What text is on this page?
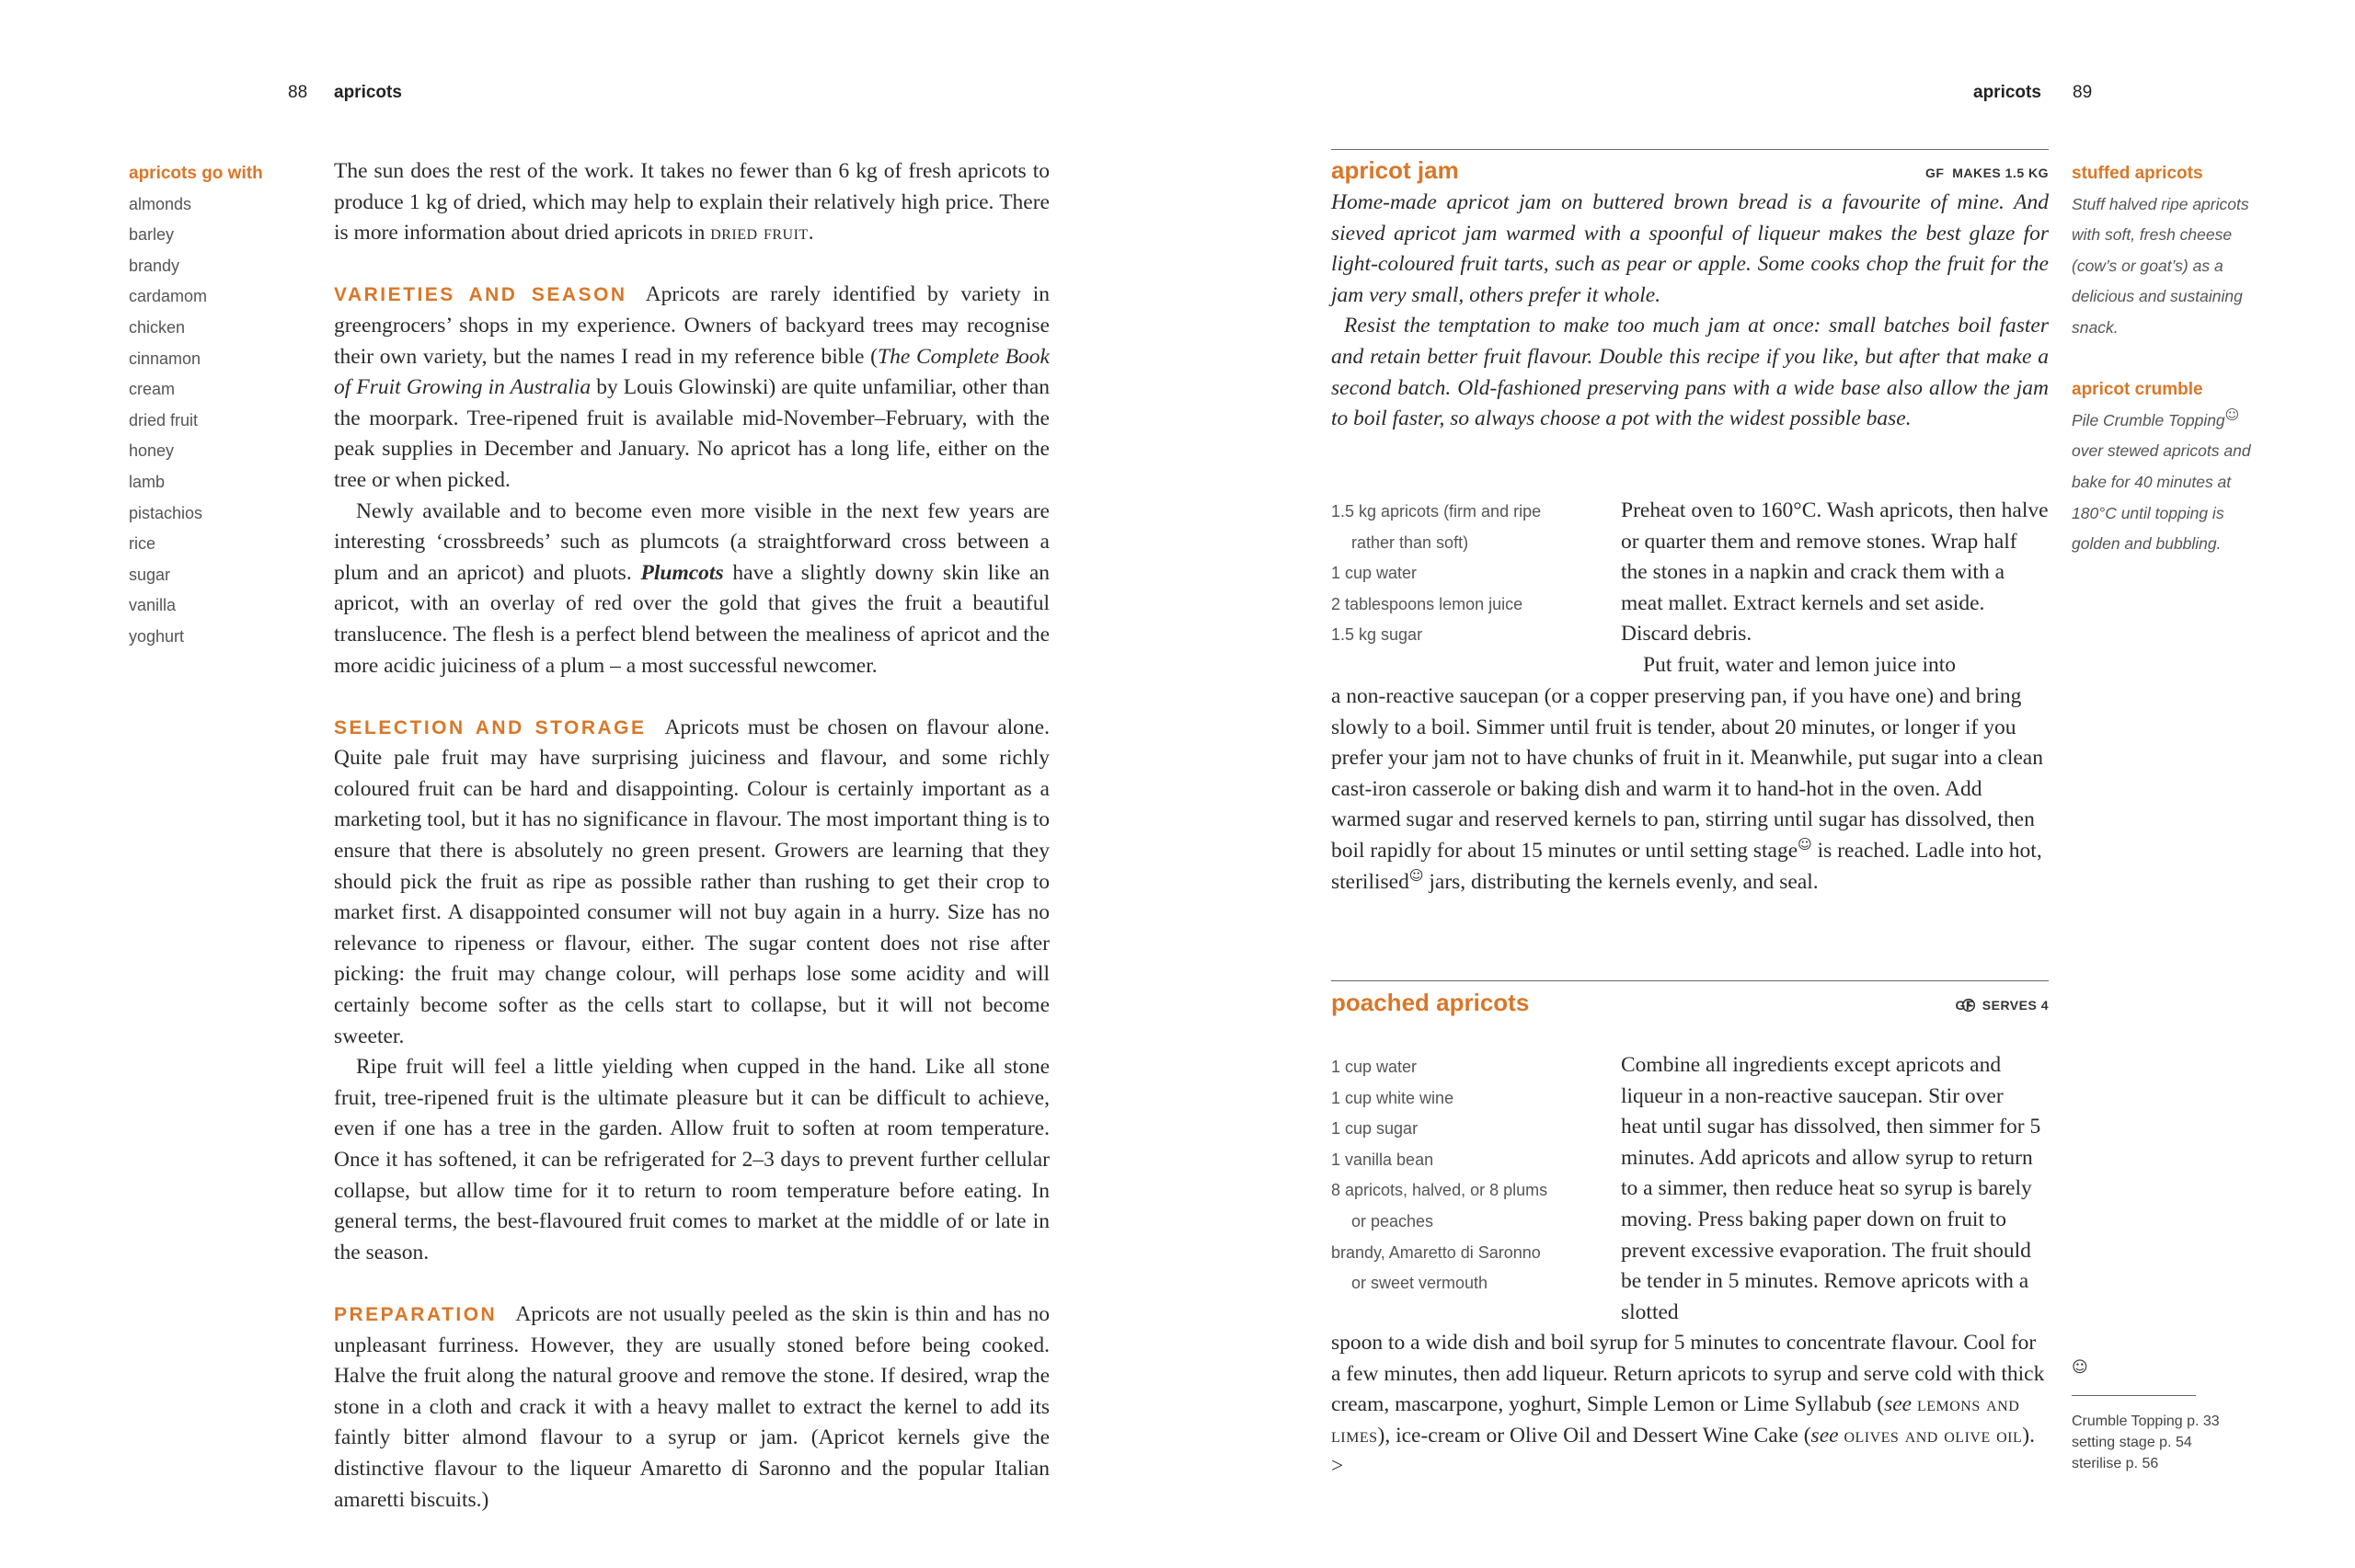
88 apricots
apricots go with
almonds
barley
brandy
cardamom
chicken
cinnamon
cream
dried fruit
honey
lamb
pistachios
rice
sugar
vanilla
yoghurt

The sun does the rest of the work. It takes no fewer than 6 kg of fresh apricots to produce 1 kg of dried, which may help to explain their relatively high price. There is more information about dried apricots in dried fruit.

VARIETIES AND SEASON Apricots are rarely identified by variety in greengrocers’ shops in my experience. Owners of backyard trees may recognise their own variety, but the names I read in my reference bible (The Complete Book of Fruit Growing in Australia by Louis Glowinski) are quite unfamiliar, other than the moorpark. Tree-ripened fruit is available mid-November–February, with the peak supplies in December and January. No apricot has a long life, either on the tree or when picked.

Newly available and to become even more visible in the next few years are interesting ‘crossbreeds’ such as plumcots (a straightforward cross between a plum and an apricot) and pluots. Plumcots have a slightly downy skin like an apricot, with an overlay of red over the gold that gives the fruit a beautiful translucence. The flesh is a perfect blend between the mealiness of apricot and the more acidic juiciness of a plum – a most successful newcomer.

SELECTION AND STORAGE Apricots must be chosen on flavour alone. Quite pale fruit may have surprising juiciness and flavour, and some richly coloured fruit can be hard and disappointing. Colour is certainly important as a marketing tool, but it has no significance in flavour. The most important thing is to ensure that there is absolutely no green present. Growers are learning that they should pick the fruit as ripe as possible rather than rushing to get their crop to market first. A disappointed consumer will not buy again in a hurry. Size has no relevance to ripeness or flavour, either. The sugar content does not rise after picking: the fruit may change colour, will perhaps lose some acidity and will certainly become softer as the cells start to collapse, but it will not become sweeter.

Ripe fruit will feel a little yielding when cupped in the hand. Like all stone fruit, tree-ripened fruit is the ultimate pleasure but it can be difficult to achieve, even if one has a tree in the garden. Allow fruit to soften at room temperature. Once it has softened, it can be refrigerated for 2–3 days to prevent further cellular collapse, but allow time for it to return to room temperature before eating. In general terms, the best-flavoured fruit comes to market at the middle of or late in the season.

PREPARATION Apricots are not usually peeled as the skin is thin and has no unpleasant furriness. However, they are usually stoned before being cooked. Halve the fruit along the natural groove and remove the stone. If desired, wrap the stone in a cloth and crack it with a heavy mallet to extract the kernel to add its faintly bitter almond flavour to a syrup or jam. (Apricot kernels give the distinctive flavour to the liqueur Amaretto di Saronno and the popular Italian amaretti biscuits.)

apricots 89
apricot jam	GF  MAKES 1.5 KG

Home-made apricot jam on buttered brown bread is a favourite of mine. And sieved apricot jam warmed with a spoonful of liqueur makes the best glaze for light-coloured fruit tarts, such as pear or apple. Some cooks chop the fruit for the jam very small, others prefer it whole.

Resist the temptation to make too much jam at once: small batches boil faster and retain better fruit flavour. Double this recipe if you like, but after that make a second batch. Old-fashioned preserving pans with a wide base also allow the jam to boil faster, so always choose a pot with the widest possible base.

1.5 kg apricots (firm and ripe
rather than soft)
1 cup water
2 tablespoons lemon juice
1.5 kg sugar

Preheat oven to 160°C. Wash apricots, then halve or quarter them and remove stones. Wrap half the stones in a napkin and crack them with a meat mallet. Extract kernels and set aside. Discard debris.

Put fruit, water and lemon juice into

a non-reactive saucepan (or a copper preserving pan, if you have one) and bring slowly to a boil. Simmer until fruit is tender, about 20 minutes, or longer if you prefer your jam not to have chunks of fruit in it. Meanwhile, put sugar into a clean cast-iron casserole or baking dish and warm it to hand-hot in the oven. Add warmed sugar and reserved kernels to pan, stirring until sugar has dissolved, then boil rapidly for about 15 minutes or until setting stage☺ is reached. Ladle into hot, sterilised☺ jars, distributing the kernels evenly, and seal.

poached apricots	GF  SERVES 4
1 cup water
1 cup white wine
1 cup sugar
1 vanilla bean
8 apricots, halved, or 8 plums
or peaches
brandy, Amaretto di Saronno
or sweet vermouth

Combine all ingredients except apricots and liqueur in a non-reactive saucepan. Stir over heat until sugar has dissolved, then simmer for 5 minutes. Add apricots and allow syrup to return to a simmer, then reduce heat so syrup is barely moving. Press baking paper down on fruit to prevent excessive evaporation. The fruit should be tender in 5 minutes. Remove apricots with a slotted

spoon to a wide dish and boil syrup for 5 minutes to concentrate flavour. Cool for a few minutes, then add liqueur. Return apricots to syrup and serve cold with thick cream, mascarpone, yoghurt, Simple Lemon or Lime Syllabub (see lemons and limes), ice-cream or Olive Oil and Dessert Wine Cake (see olives and olive oil). >

stuffed apricots
Stuff halved ripe apricots with soft, fresh cheese (cow’s or goat’s) as a delicious and sustaining snack.
apricot crumble
Pile Crumble Topping☺ over stewed apricots and bake for 40 minutes at 180°C until topping is golden and bubbling.
☺
Crumble Topping p. 33
setting stage p. 54
sterilise p. 56
